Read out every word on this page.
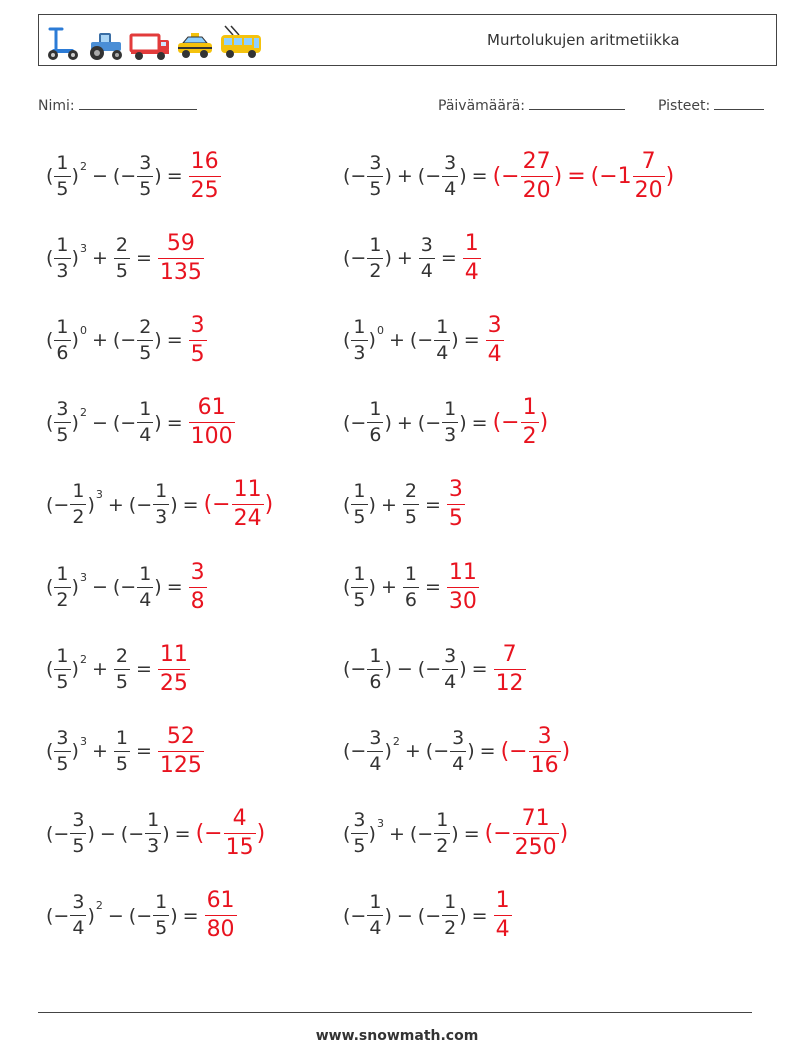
Murtolukujen aritmetiikka
Nimi:	Päivämäärä:	Pisteet:
( $\frac{1}{5}$ ) 2 − (− $\frac{3}{5}$ ) = $\frac{16}{25}$	(− $\frac{3}{5}$ ) + (− $\frac{3}{4}$ ) = (− $\frac{27}{20}$ ) = ($-1 \frac{7}{20}$ )
( $\frac{1}{3}$ ) $3 + \frac{2}{5} = \frac{59}{135}$	(− $\frac{1}{2}$ ) + $\frac{3}{4} = \frac{1}{4}$
( $\frac{1}{6}$ ) 0 + (− $\frac{2}{5}$ ) = $\frac{3}{5}$	( $\frac{1}{3}$ ) 0 + (− $\frac{1}{4}$ ) = $\frac{3}{4}$
( $\frac{3}{5}$ ) 2 − (− $\frac{1}{4}$ ) = $\frac{61}{100}$	(− $\frac{1}{6}$ ) + (− $\frac{1}{3}$ ) = (− $\frac{1}{2}$ )
(− $\frac{1}{2}$ ) 3 + (− $\frac{1}{3}$ ) = (− $\frac{11}{24}$ )	( $\frac{1}{5}$ ) + $\frac{2}{5} = \frac{3}{5}$
( $\frac{1}{2}$ ) 3 − (− $\frac{1}{4}$ ) = $\frac{3}{8}$	( $\frac{1}{5}$ ) + $\frac{1}{6} = \frac{11}{30}$
( $\frac{1}{5}$ ) $2 + \frac{2}{5} = \frac{11}{25}$	(− $\frac{1}{6}$ ) − (− $\frac{3}{4}$ ) = $\frac{7}{12}$
( $\frac{3}{5}$ ) $3 + \frac{1}{5} = \frac{52}{125}$	(− $\frac{3}{4}$ ) 2 + (− $\frac{3}{4}$ ) = (− $\frac{3}{16}$ )
(− $\frac{3}{5}$ ) − (− $\frac{1}{3}$ ) = (− $\frac{4}{15}$ )	( $\frac{3}{5}$ ) 3 + (− $\frac{1}{2}$ ) = (− $\frac{71}{250}$ )
(− $\frac{3}{4}$ ) 2 − (− $\frac{1}{5}$ ) = $\frac{61}{80}$	(− $\frac{1}{4}$ ) − (− $\frac{1}{2}$ ) = $\frac{1}{4}$
www.snowmath.com
